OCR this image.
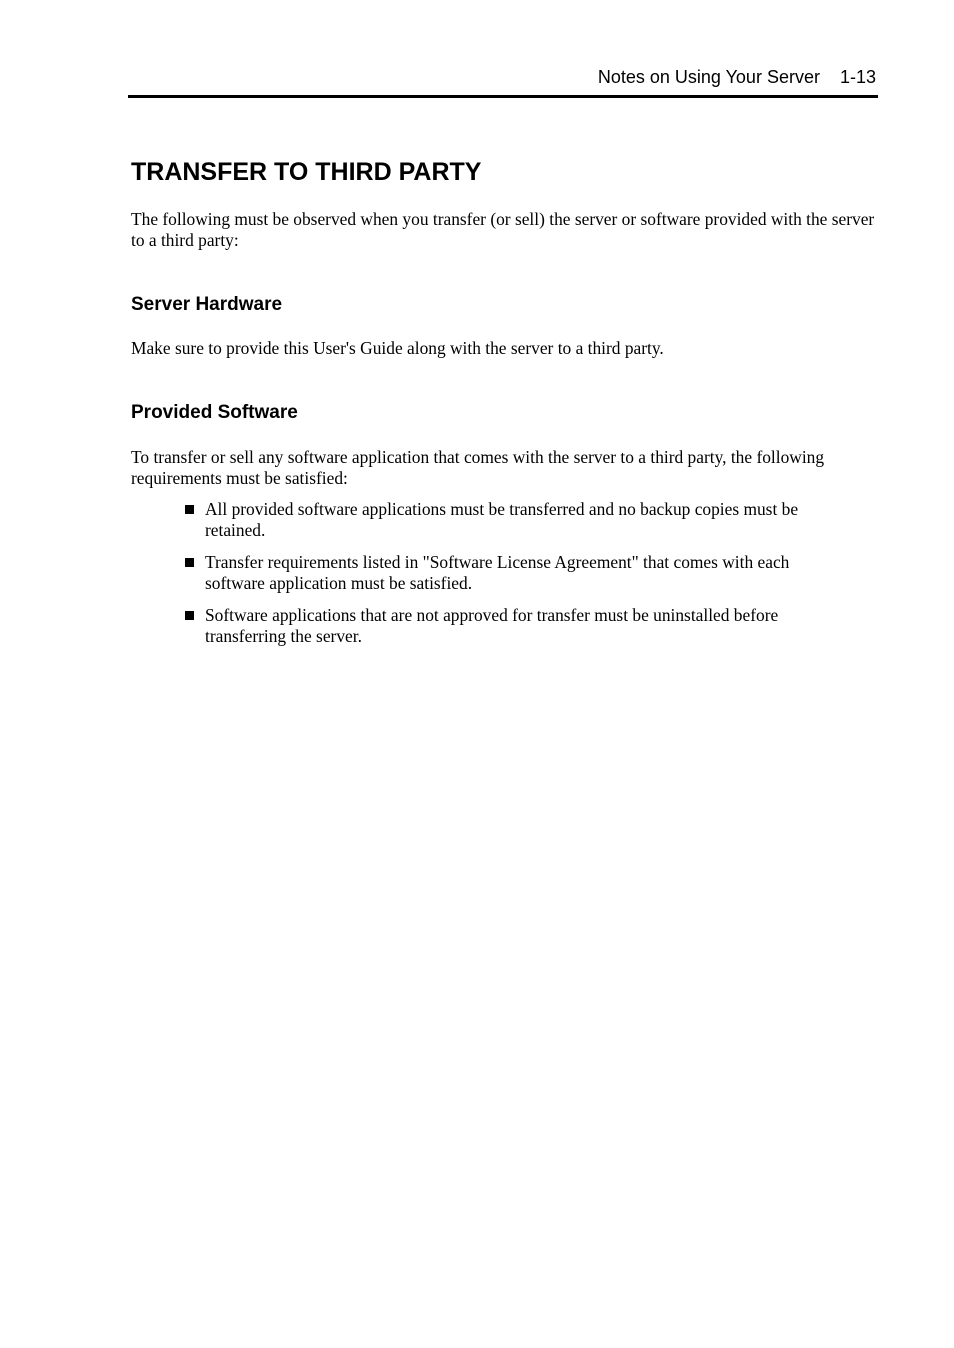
Notes on Using Your Server 1-13
TRANSFER TO THIRD PARTY

The following must be observed when you transfer (or sell) the server or software provided with the server to a third party:

Server Hardware

Make sure to provide this User's Guide along with the server to a third party.

Provided Software

To transfer or sell any software application that comes with the server to a third party, the following requirements must be satisfied:

All provided software applications must be transferred and no backup copies must be retained.
Transfer requirements listed in "Software License Agreement" that comes with each software application must be satisfied.
Software applications that are not approved for transfer must be uninstalled before transferring the server.
